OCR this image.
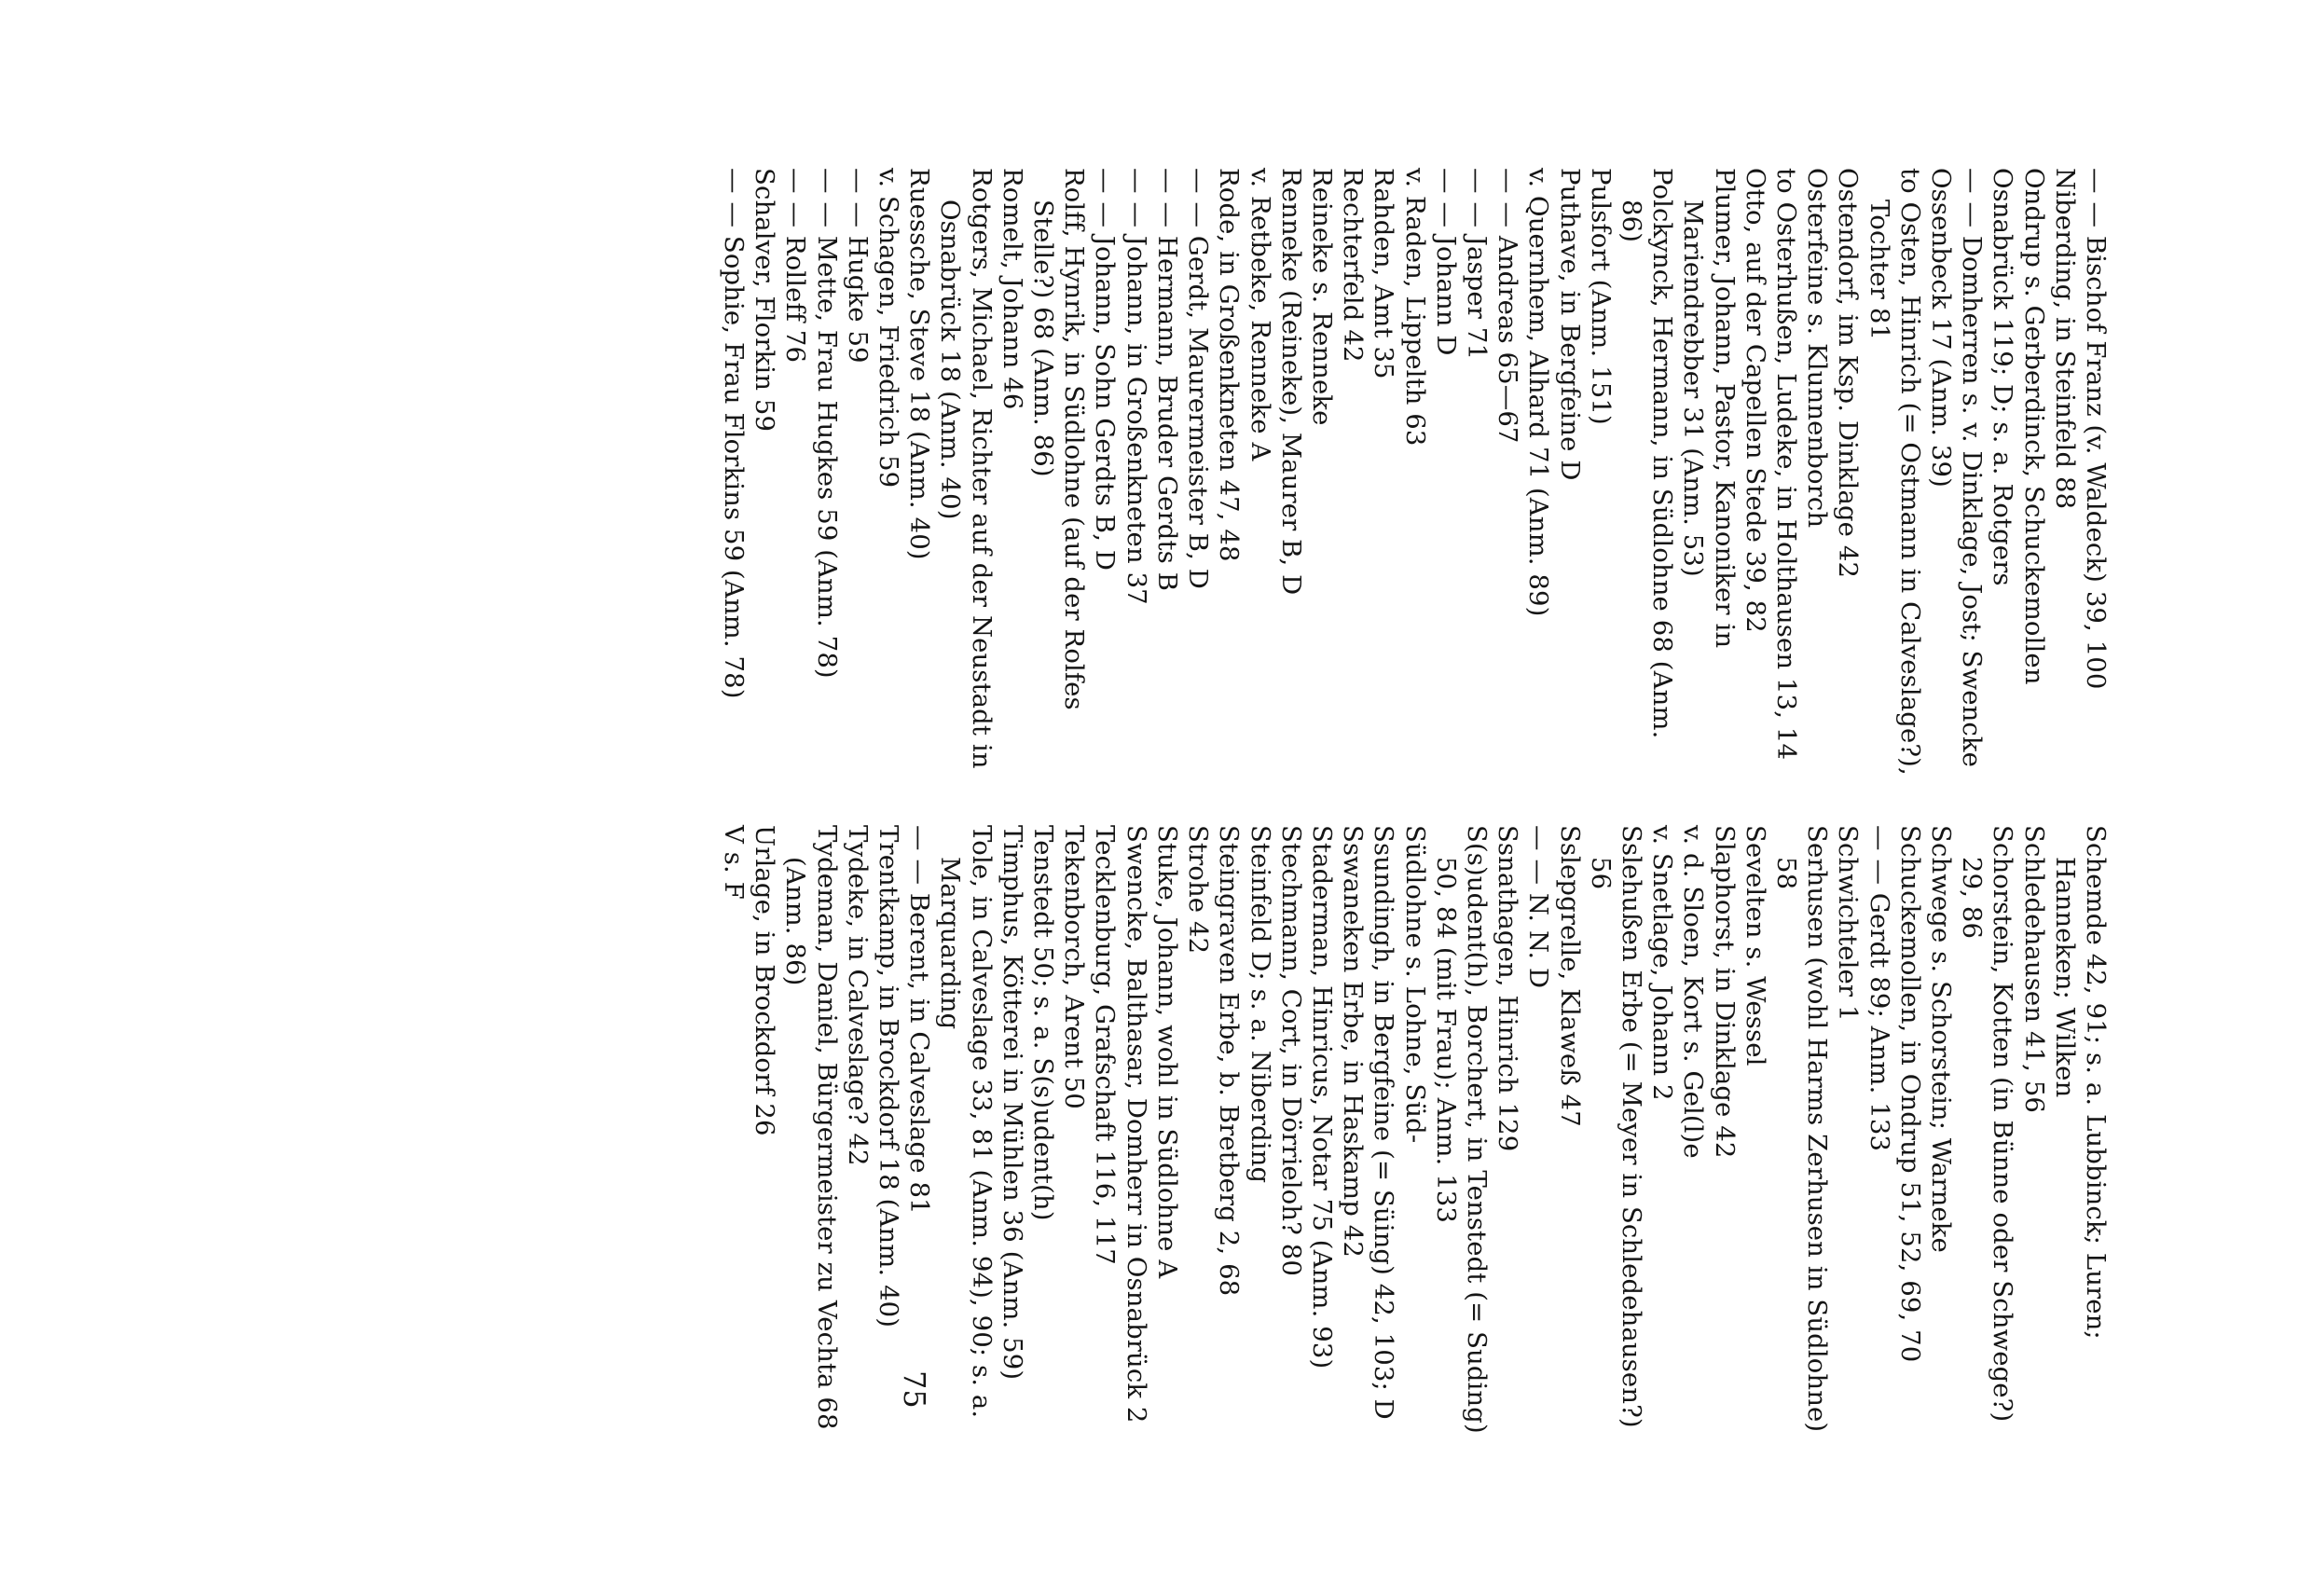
— — Bischof Franz (v. Waldeck) 39, 100

Niberding, in Steinfeld 88

Ondrup s. Gerberdinck, Schuckemollen

Osnabrück 119; D; s. a. Rotgers

— — Domherren s. v. Dinklage, Jost; Swencke

Ossenbeck 17 (Anm. 39)

to Osten, Hinrich (= Ostmann in Calveslage?), Tochter 81

Ostendorf, im Ksp. Dinklage 42

Osterfeine s. Klunnenborch

to Osterhußen, Ludeke, in Holthausen 13, 14

Otto, auf der Capellen Stede 39, 82

Plumer, Johann, Pastor, Kanoniker in Mariendrebber 31 (Anm. 53)

Polckynck, Hermann, in Südlohne 68 (Anm. 86)

Pulsfort (Anm. 151)

Puthave, in Bergfeine D

v. Quernhem, Alhard 71 (Anm. 89)

— — Andreas 65—67

— — Jasper 71

— — Johann D

v. Raden, Lippelth 63

Rahden, Amt 35

Rechterfeld 42

Reineke s. Renneke

Renneke (Reineke), Maurer B, D

v. Retbeke, Renneke A

Rode, in Großenkneten 47, 48

— — Gerdt, Maurermeister B, D

— — Hermann, Bruder Gerdts B

— — Johann, in Großenkneten 37

— — Johann, Sohn Gerdts B, D

Rolff, Hynrik, in Südlohne (auf der Rolfes Stelle?) 68 (Anm. 86)

Romelt, Johann 46

Rotgers, Michael, Richter auf der Neustadt in Osnabrück 18 (Anm. 40)

Ruessche, Steve 18 (Anm. 40)

v. Schagen, Friedrich 59

— — Hugke 59

— — Mette, Frau Hugkes 59 (Anm. 78)

— — Rolleff 76

Schalver, Florkin 59

— — Sophie, Frau Florkins 59 (Anm. 78)

Schemde 42, 91; s. a. Lubbinck; Luren; Hanneken; Wilken

Schledehausen 41, 56

Schorstein, Kotten (in Bünne oder Schwege?) 29, 86

Schwege s. Schorstein; Warneke

Schuckemollen, in Ondrup 51, 52, 69, 70

— — Gerdt 89; Anm. 133

Schwichteler 1

Serhusen (wohl Harms Zerhusen in Südlohne) 58

Sevelten s. Wessel

Slaphorst, in Dinklage 42

v. d. Sloen, Kort s. Gel(l)e

v. Snetlage, Johann 2

Sslehußen Erbe (= Meyer in Schledehausen?) 56

Sslepgrelle, Klaweß 47

— — N. N. D

Ssnathagen, Hinrich 129

S(s)udent(h), Borchert, in Tenstedt (= Suding) 50, 84 (mit Frau); Anm. 133

Südlohne s. Lohne, Süd-

Ssundingh, in Bergfeine (= Süing) 42, 103; D

Sswaneken Erbe, in Haskamp 42

Staderman, Hinricus, Notar 75 (Anm. 93)

Stechmann, Cort, in Dörrieloh? 80

Steinfeld D; s. a. Niberding

Steingraven Erbe, b. Bretberg 2, 68

Strohe 42

Stuke, Johann, wohl in Südlohne A

Swencke, Balthasar, Domherr in Osnabrück 2

Tecklenburg, Grafschaft 116, 117

Tekenborch, Arent 50

Tenstedt 50; s. a. S(s)udent(h)

Timphus, Kötterei in Mühlen 36 (Anm. 59)

Tole, in Calveslage 33, 81 (Anm. 94), 90; s. a. Marquarding

— — Berent, in Calveslage 81

Trentkamp, in Brockdorf 18 (Anm. 40)

Tydeke, in Calveslage? 42

Tydeman, Daniel, Bürgermeister zu Vechta 68 (Anm. 86)

Urlage, in Brockdorf 26

V s. F

75
